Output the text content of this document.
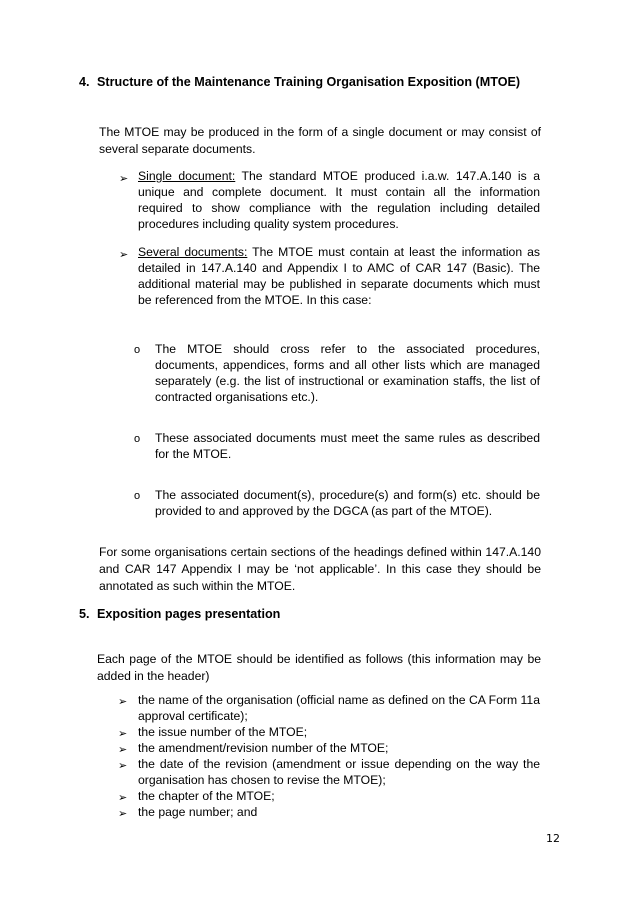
4. Structure of the Maintenance Training Organisation Exposition (MTOE)

The MTOE may be produced in the form of a single document or may consist of several separate documents.

➢ Single document: The standard MTOE produced i.a.w. 147.A.140 is a unique and complete document. It must contain all the information required to show compliance with the regulation including detailed procedures including quality system procedures.

➢ Several documents: The MTOE must contain at least the information as detailed in 147.A.140 and Appendix I to AMC of CAR 147 (Basic). The additional material may be published in separate documents which must be referenced from the MTOE. In this case:

o The MTOE should cross refer to the associated procedures, documents, appendices, forms and all other lists which are managed separately (e.g. the list of instructional or examination staffs, the list of contracted organisations etc.).

o These associated documents must meet the same rules as described for the MTOE.

o The associated document(s), procedure(s) and form(s) etc. should be provided to and approved by the DGCA (as part of the MTOE).

For some organisations certain sections of the headings defined within 147.A.140 and CAR 147 Appendix I may be ‘not applicable’. In this case they should be annotated as such within the MTOE.

5. Exposition pages presentation

Each page of the MTOE should be identified as follows (this information may be added in the header)

➢ the name of the organisation (official name as defined on the CA Form 11a approval certificate);

➢ the issue number of the MTOE;

➢ the amendment/revision number of the MTOE;

➢ the date of the revision (amendment or issue depending on the way the organisation has chosen to revise the MTOE);

➢ the chapter of the MTOE;

➢ the page number; and

12
